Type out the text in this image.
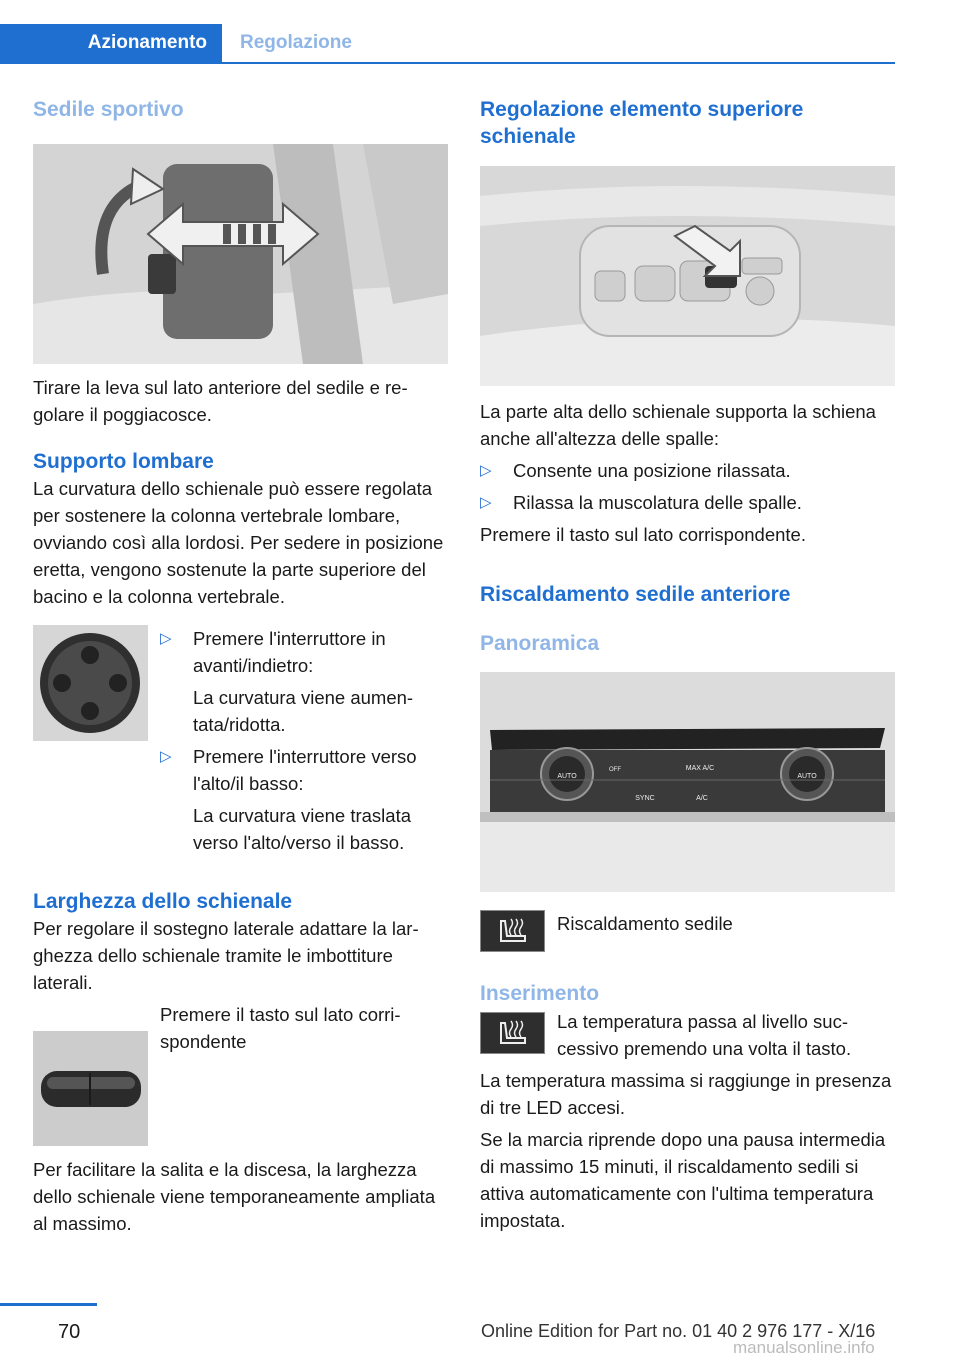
Azionamento	Regolazione
Sedile sportivo

Tirare la leva sul lato anteriore del sedile e regolare il poggiacosce.

Supporto lombare

La curvatura dello schienale può essere regolata per sostenere la colonna vertebrale lombare, ovviando così alla lordosi. Per sedere in posizione eretta, vengono sostenute la parte superiore del bacino e la colonna vertebrale.

▷ Premere l'interruttore in avanti/indietro:
La curvatura viene aumentata/ridotta.
▷ Premere l'interruttore verso l'alto/il basso:
La curvatura viene traslata verso l'alto/verso il basso.
Larghezza dello schienale

Per regolare il sostegno laterale adattare la larghezza dello schienale tramite le imbottiture laterali.

Premere il tasto sul lato corrispondente

Per facilitare la salita e la discesa, la larghezza dello schienale viene temporaneamente ampliata al massimo.

Regolazione elemento superiore schienale

La parte alta dello schienale supporta la schiena anche all'altezza delle spalle:

▷ Consente una posizione rilassata.
▷ Rilassa la muscolatura delle spalle.

Premere il tasto sul lato corrispondente.

Riscaldamento sedile anteriore
Panoramica
AUTO
MAX A/C
AUTO
SYNC	A/C
OFF

Riscaldamento sedile

Inserimento

La temperatura passa al livello successivo premendo una volta il tasto.

La temperatura massima si raggiunge in presenza di tre LED accesi.

Se la marcia riprende dopo una pausa intermedia di massimo 15 minuti, il riscaldamento sedili si attiva automaticamente con l'ultima temperatura impostata.

70	Online Edition for Part no. 01 40 2 976 177 - X/16
manualsonline.info
